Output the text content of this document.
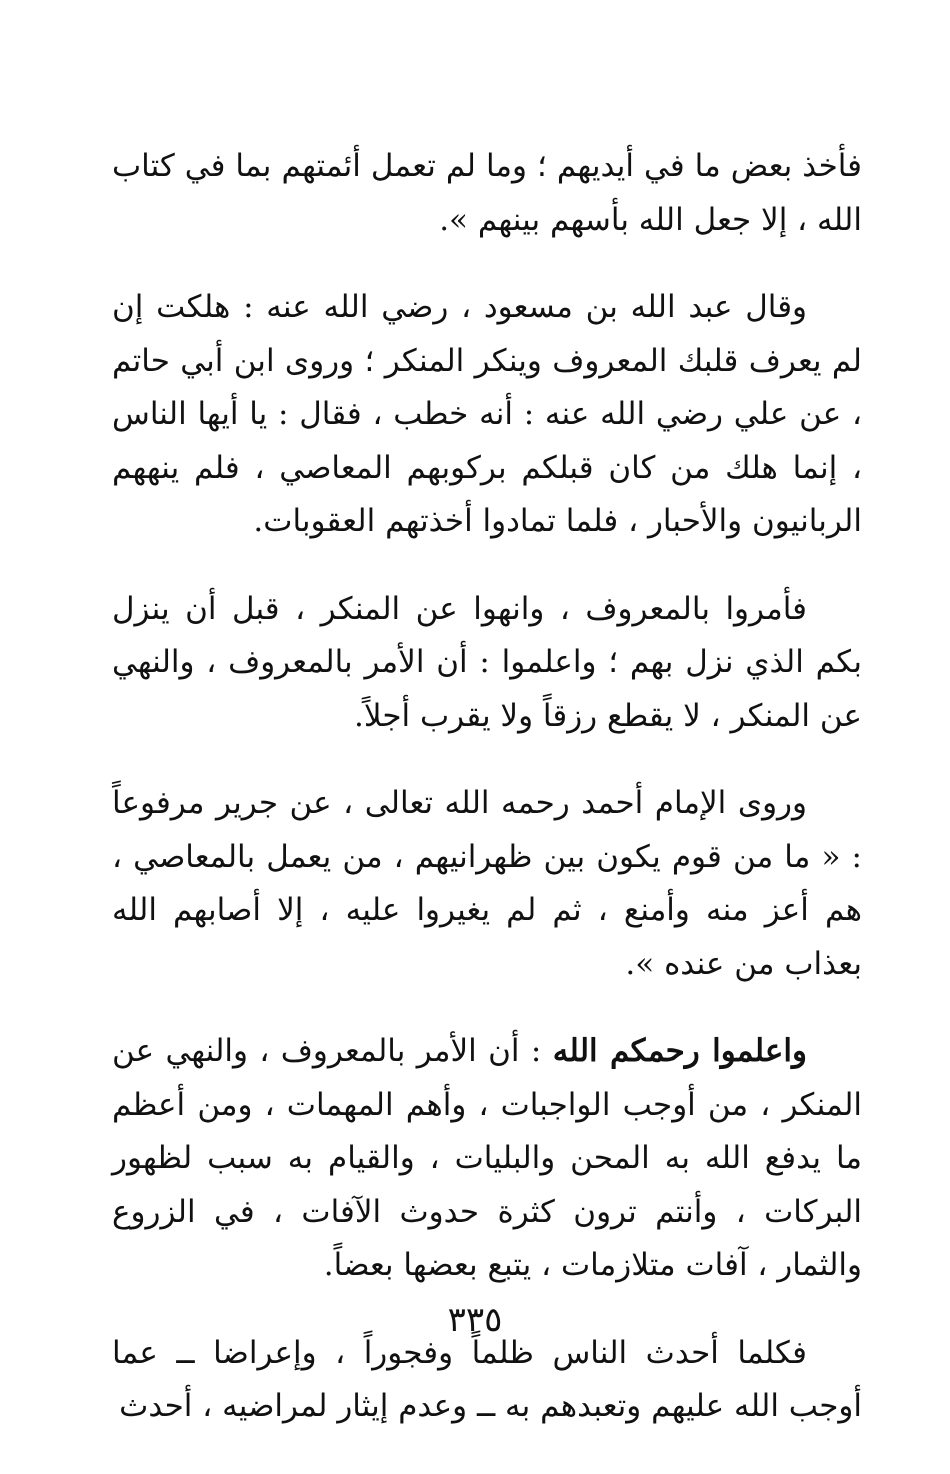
فأخذ بعض ما في أيديهم ؛ وما لم تعمل أئمتهم بما في كتاب الله ، إلا جعل الله بأسهم بينهم ».

وقال عبد الله بن مسعود ، رضي الله عنه : هلكت إن لم يعرف قلبك المعروف وينكر المنكر ؛ وروى ابن أبي حاتم ، عن علي رضي الله عنه : أنه خطب ، فقال : يا أيها الناس ، إنما هلك من كان قبلكم بركوبهم المعاصي ، فلم ينههم الربانيون والأحبار ، فلما تمادوا أخذتهم العقوبات.

فأمروا بالمعروف ، وانهوا عن المنكر ، قبل أن ينزل بكم الذي نزل بهم ؛ واعلموا : أن الأمر بالمعروف ، والنهي عن المنكر ، لا يقطع رزقاً ولا يقرب أجلاً.

وروى الإمام أحمد رحمه الله تعالى ، عن جرير مرفوعاً : « ما من قوم يكون بين ظهرانيهم ، من يعمل بالمعاصي ، هم أعز منه وأمنع ، ثم لم يغيروا عليه ، إلا أصابهم الله بعذاب من عنده ».

واعلموا رحمكم الله : أن الأمر بالمعروف ، والنهي عن المنكر ، من أوجب الواجبات ، وأهم المهمات ، ومن أعظم ما يدفع الله به المحن والبليات ، والقيام به سبب لظهور البركات ، وأنتم ترون كثرة حدوث الآفات ، في الزروع والثمار ، آفات متلازمات ، يتبع بعضها بعضاً.

فكلما أحدث الناس ظلماً وفجوراً ، وإعراضا ــ عما أوجب الله عليهم وتعبدهم به ــ وعدم إيثار لمراضيه ، أحدث

٣٣٥
